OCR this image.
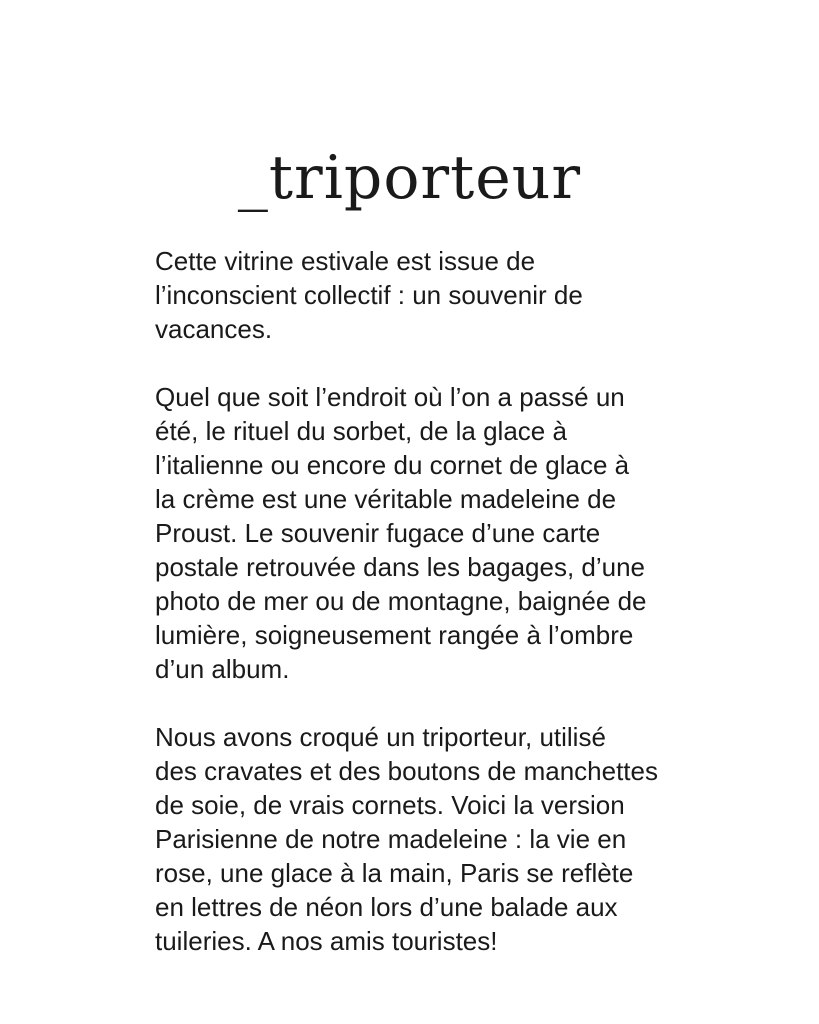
_triporteur

Cette vitrine estivale est issue de
l’inconscient collectif : un souvenir de
vacances.

Quel que soit l’endroit où l’on a passé un
été, le rituel du sorbet, de la glace à
l’italienne ou encore du cornet de glace à
la crème est une véritable madeleine de
Proust. Le souvenir fugace d’une carte
postale retrouvée dans les bagages, d’une
photo de mer ou de montagne, baignée de
lumière, soigneusement rangée à l’ombre
d’un album.

Nous avons croqué un triporteur, utilisé
des cravates et des boutons de manchettes
de soie, de vrais cornets. Voici la version
Parisienne de notre madeleine : la vie en
rose, une glace à la main, Paris se reflète
en lettres de néon lors d’une balade aux
tuileries. A nos amis touristes!
